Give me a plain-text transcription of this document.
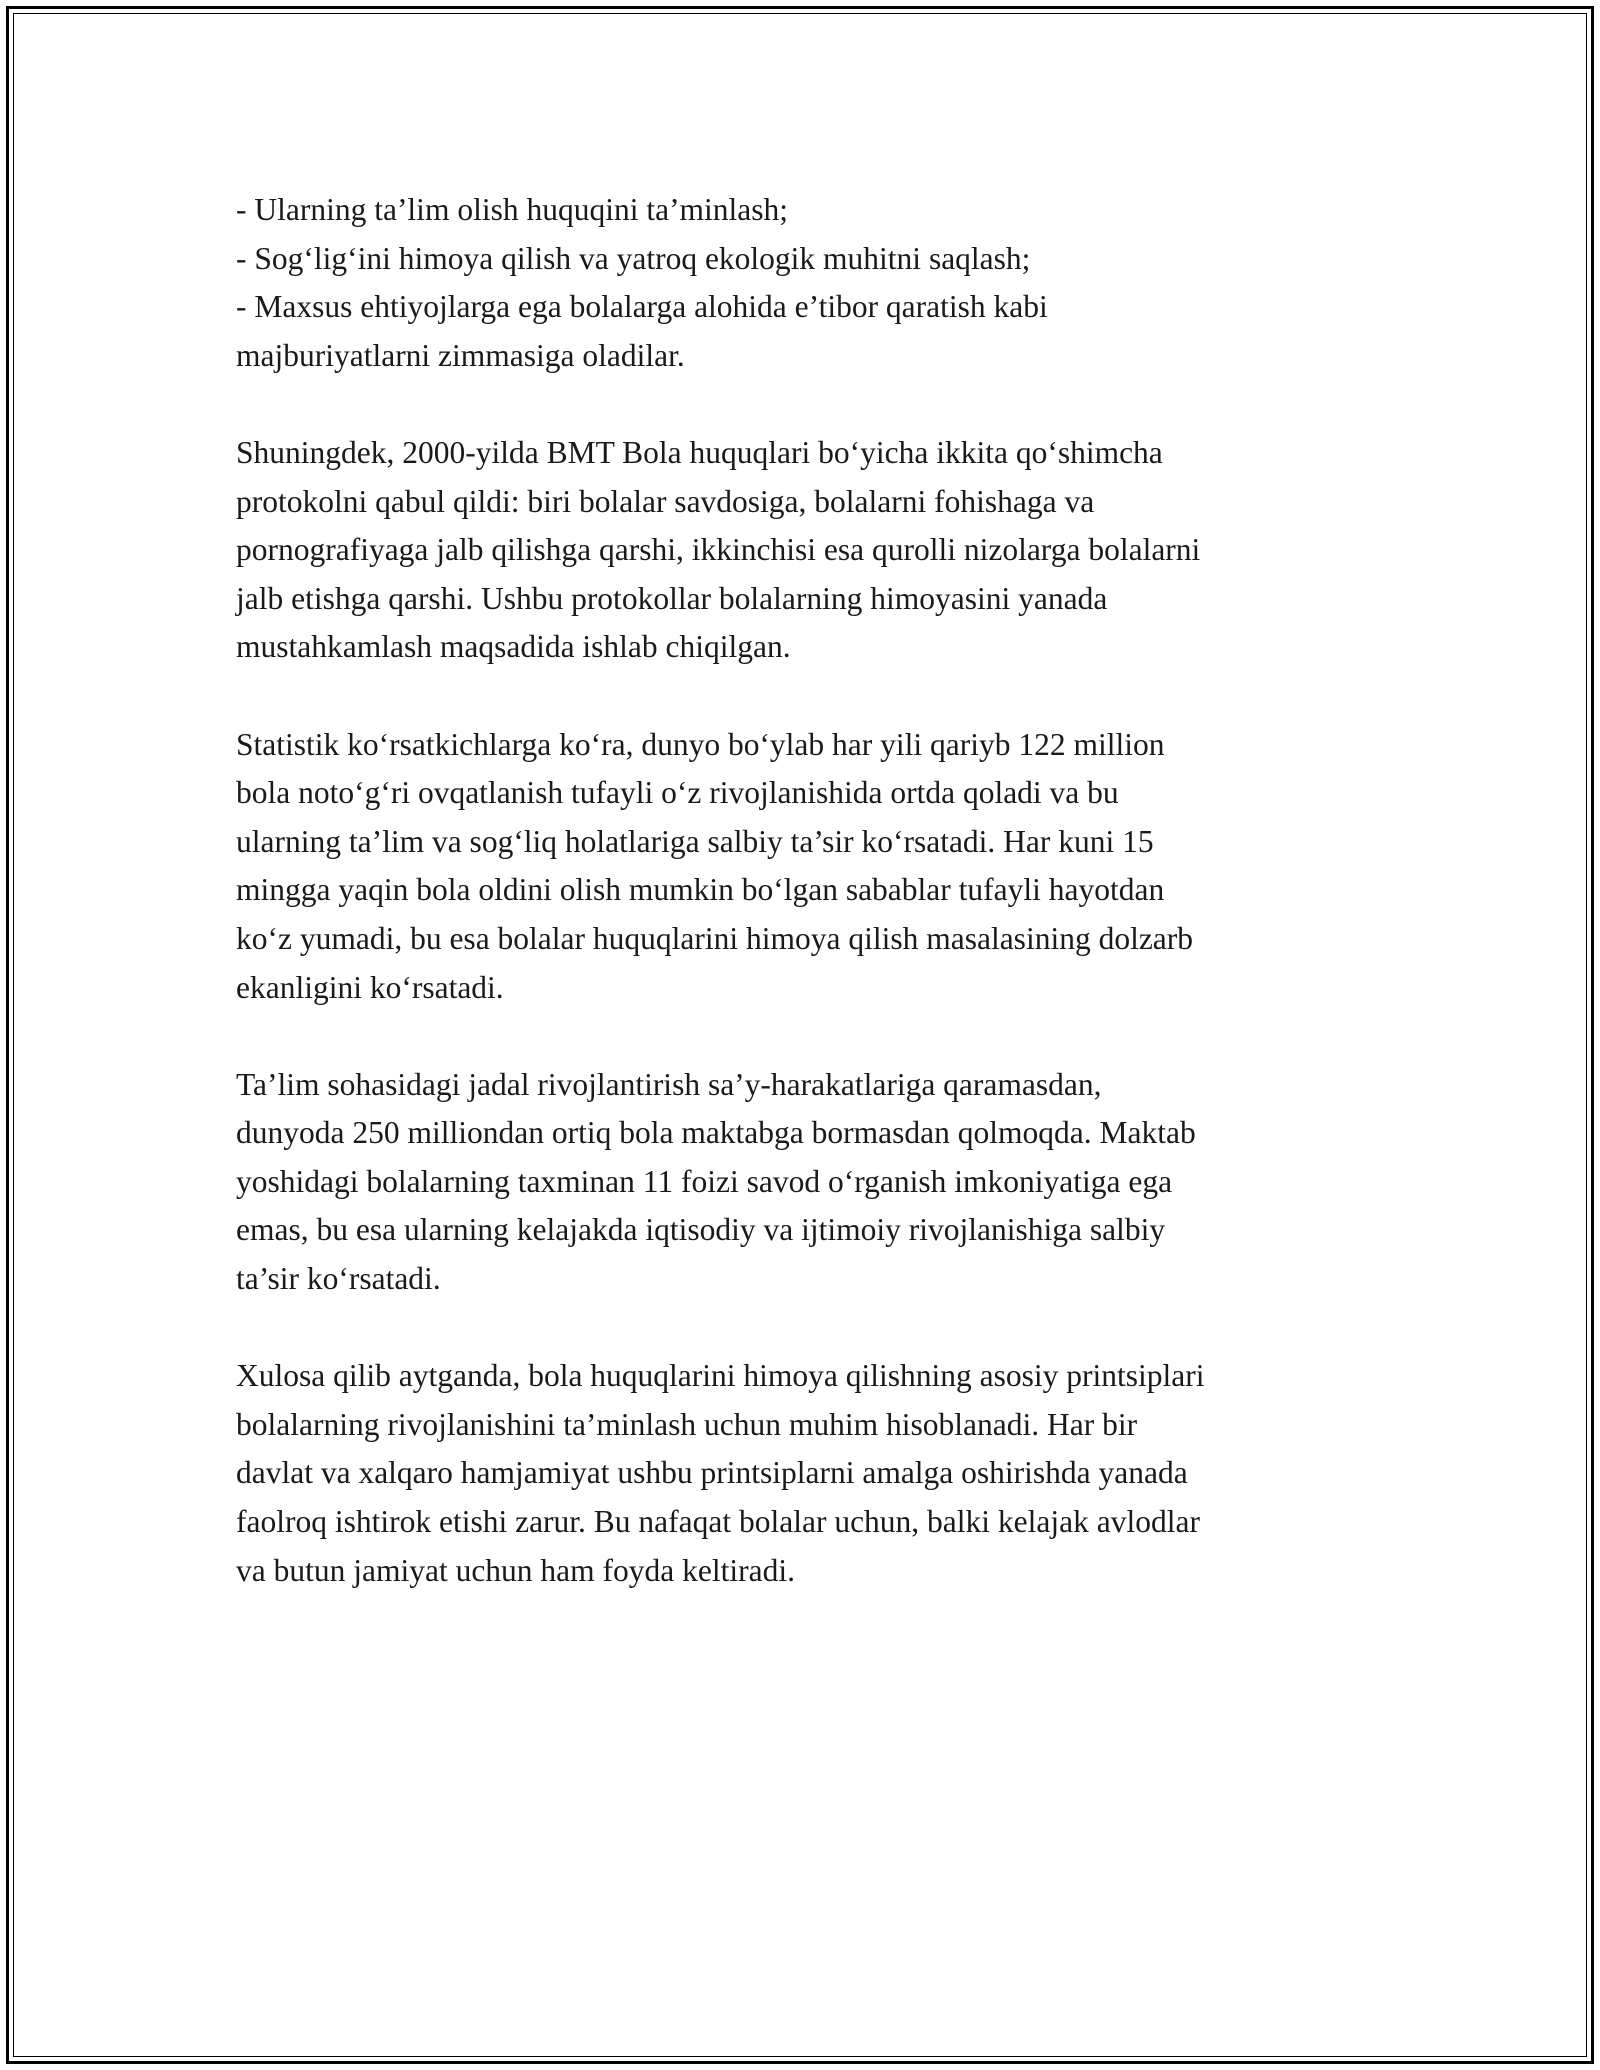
- Ularning ta’lim olish huquqini ta’minlash;
- Sog‘lig‘ini himoya qilish va yatroq ekologik muhitni saqlash;
- Maxsus ehtiyojlarga ega bolalarga alohida e’tibor qaratish kabi
majburiyatlarni zimmasiga oladilar.

Shuningdek, 2000-yilda BMT Bola huquqlari bo‘yicha ikkita qo‘shimcha
protokolni qabul qildi: biri bolalar savdosiga, bolalarni fohishaga va
pornografiyaga jalb qilishga qarshi, ikkinchisi esa qurolli nizolarga bolalarni
jalb etishga qarshi. Ushbu protokollar bolalarning himoyasini yanada
mustahkamlash maqsadida ishlab chiqilgan.

Statistik ko‘rsatkichlarga ko‘ra, dunyo bo‘ylab har yili qariyb 122 million
bola noto‘g‘ri ovqatlanish tufayli o‘z rivojlanishida ortda qoladi va bu
ularning ta’lim va sog‘liq holatlariga salbiy ta’sir ko‘rsatadi. Har kuni 15
mingga yaqin bola oldini olish mumkin bo‘lgan sabablar tufayli hayotdan
ko‘z yumadi, bu esa bolalar huquqlarini himoya qilish masalasining dolzarb
ekanligini ko‘rsatadi.

Ta’lim sohasidagi jadal rivojlantirish sa’y-harakatlariga qaramasdan,
dunyoda 250 milliondan ortiq bola maktabga bormasdan qolmoqda. Maktab
yoshidagi bolalarning taxminan 11 foizi savod o‘rganish imkoniyatiga ega
emas, bu esa ularning kelajakda iqtisodiy va ijtimoiy rivojlanishiga salbiy
ta’sir ko‘rsatadi.

Xulosa qilib aytganda, bola huquqlarini himoya qilishning asosiy printsiplari
bolalarning rivojlanishini ta’minlash uchun muhim hisoblanadi. Har bir
davlat va xalqaro hamjamiyat ushbu printsiplarni amalga oshirishda yanada
faolroq ishtirok etishi zarur. Bu nafaqat bolalar uchun, balki kelajak avlodlar
va butun jamiyat uchun ham foyda keltiradi.
